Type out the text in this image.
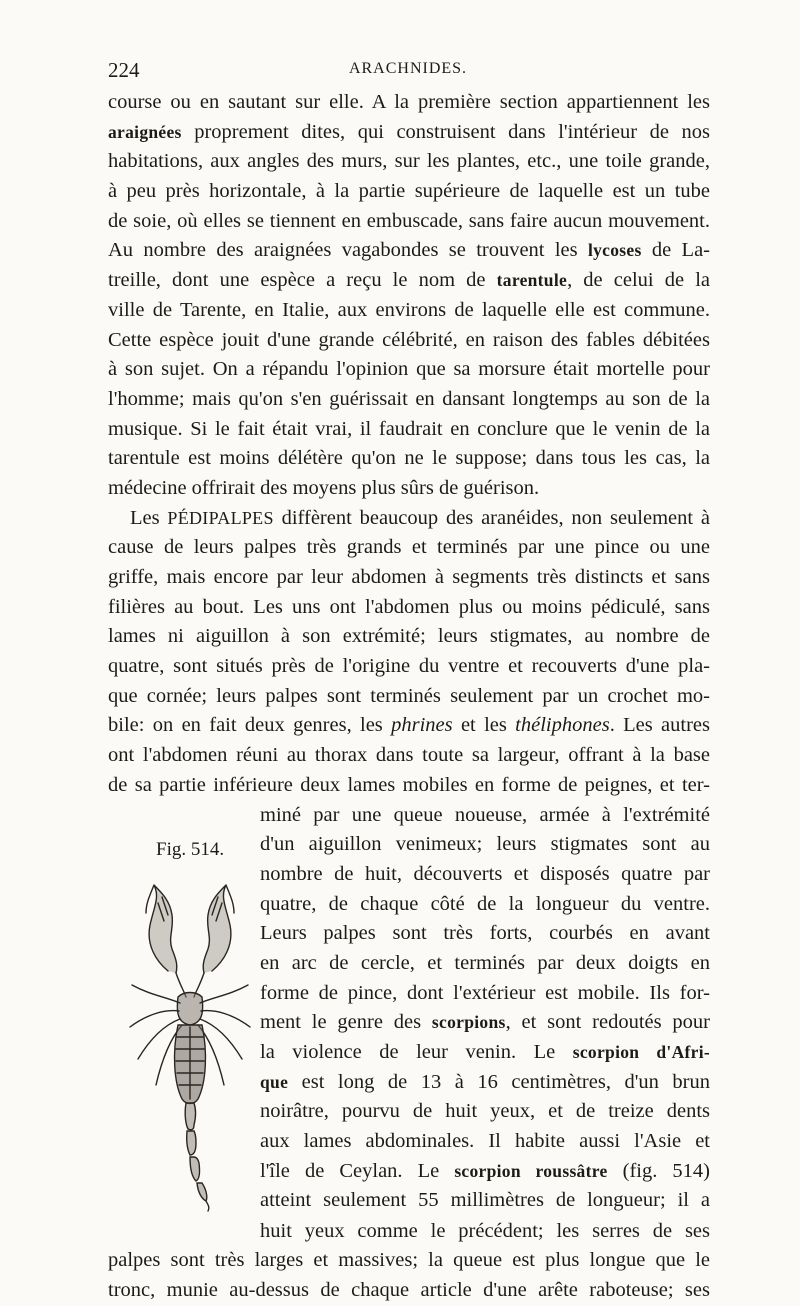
224	ARACHNIDES.
course ou en sautant sur elle. A la première section appartiennent les
araignées proprement dites, qui construisent dans l'intérieur de nos
habitations, aux angles des murs, sur les plantes, etc., une toile grande,
à peu près horizontale, à la partie supérieure de laquelle est un tube
de soie, où elles se tiennent en embuscade, sans faire aucun mouvement.
Au nombre des araignées vagabondes se trouvent les lycoses de La-
treille, dont une espèce a reçu le nom de tarentule, de celui de la
ville de Tarente, en Italie, aux environs de laquelle elle est commune.
Cette espèce jouit d'une grande célébrité, en raison des fables débitées
à son sujet. On a répandu l'opinion que sa morsure était mortelle pour
l'homme; mais qu'on s'en guérissait en dansant longtemps au son de la
musique. Si le fait était vrai, il faudrait en conclure que le venin de la
tarentule est moins délétère qu'on ne le suppose; dans tous les cas, la
médecine offrirait des moyens plus sûrs de guérison.
Les PÉDIPALPES diffèrent beaucoup des aranéides, non seulement à
cause de leurs palpes très grands et terminés par une pince ou une
griffe, mais encore par leur abdomen à segments très distincts et sans
filières au bout. Les uns ont l'abdomen plus ou moins pédiculé, sans
lames ni aiguillon à son extrémité; leurs stigmates, au nombre de
quatre, sont situés près de l'origine du ventre et recouverts d'une pla-
que cornée; leurs palpes sont terminés seulement par un crochet mo-
bile: on en fait deux genres, les phrines et les théliphones. Les autres
ont l'abdomen réuni au thorax dans toute sa largeur, offrant à la base
de sa partie inférieure deux lames mobiles en forme de peignes, et ter-
Fig. 514.
miné par une queue noueuse, armée à l'extrémité
d'un aiguillon venimeux; leurs stigmates sont au
nombre de huit, découverts et disposés quatre par
quatre, de chaque côté de la longueur du ventre.
Leurs palpes sont très forts, courbés en avant
en arc de cercle, et terminés par deux doigts en
forme de pince, dont l'extérieur est mobile. Ils for-
ment le genre des scorpions, et sont redoutés pour
la violence de leur venin. Le scorpion d'Afri-
que est long de 13 à 16 centimètres, d'un brun
noirâtre, pourvu de huit yeux, et de treize dents
aux lames abdominales. Il habite aussi l'Asie et
l'île de Ceylan. Le scorpion roussâtre (fig. 514)
atteint seulement 55 millimètres de longueur; il a
huit yeux comme le précédent; les serres de ses
palpes sont très larges et massives; la queue est plus longue que le
tronc, munie au-dessus de chaque article d'une arête raboteuse; ses
